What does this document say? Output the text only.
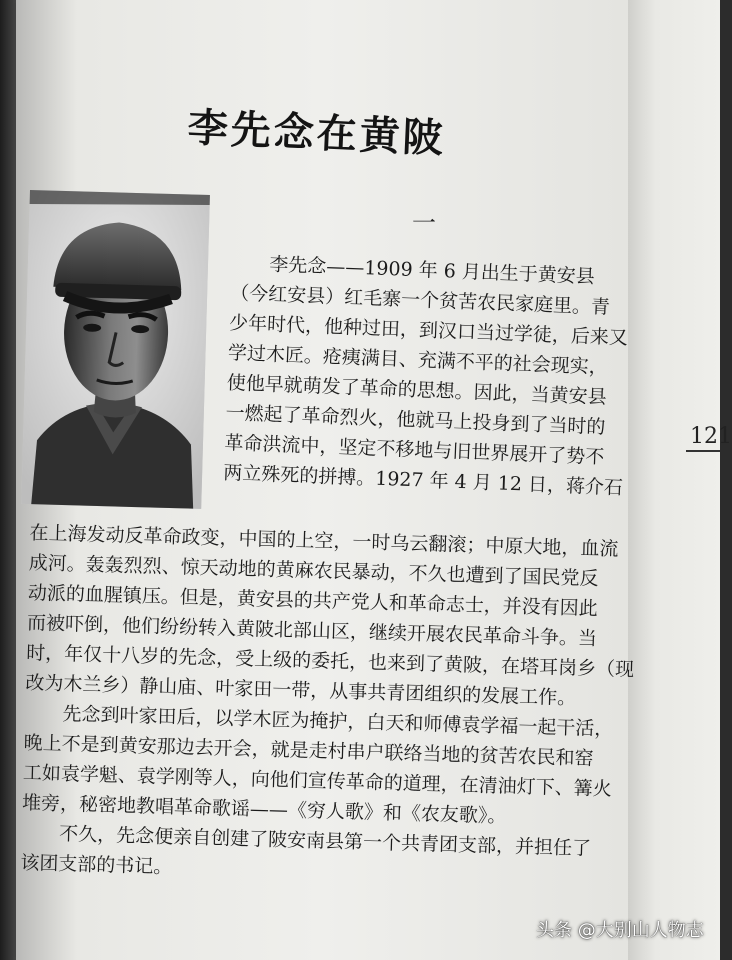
121
李先念在黄陂
一
李先念——1909 年 6 月出生于黄安县
（今红安县）红毛寨一个贫苦农民家庭里。青
少年时代，他种过田，到汉口当过学徒，后来又
学过木匠。疮痍满目、充满不平的社会现实，
使他早就萌发了革命的思想。因此，当黄安县
一燃起了革命烈火，他就马上投身到了当时的
革命洪流中，坚定不移地与旧世界展开了势不
两立殊死的拼搏。1927 年 4 月 12 日，蒋介石
在上海发动反革命政变，中国的上空，一时乌云翻滚；中原大地，血流
成河。轰轰烈烈、惊天动地的黄麻农民暴动，不久也遭到了国民党反
动派的血腥镇压。但是，黄安县的共产党人和革命志士，并没有因此
而被吓倒，他们纷纷转入黄陂北部山区，继续开展农民革命斗争。当
时，年仅十八岁的先念，受上级的委托，也来到了黄陂，在塔耳岗乡（现
改为木兰乡）静山庙、叶家田一带，从事共青团组织的发展工作。
先念到叶家田后，以学木匠为掩护，白天和师傅袁学福一起干活，
晚上不是到黄安那边去开会，就是走村串户联络当地的贫苦农民和窑
工如袁学魁、袁学刚等人，向他们宣传革命的道理，在清油灯下、篝火
堆旁，秘密地教唱革命歌谣——《穷人歌》和《农友歌》。
不久，先念便亲自创建了陂安南县第一个共青团支部，并担任了
该团支部的书记。
头条 @大别山人物志
